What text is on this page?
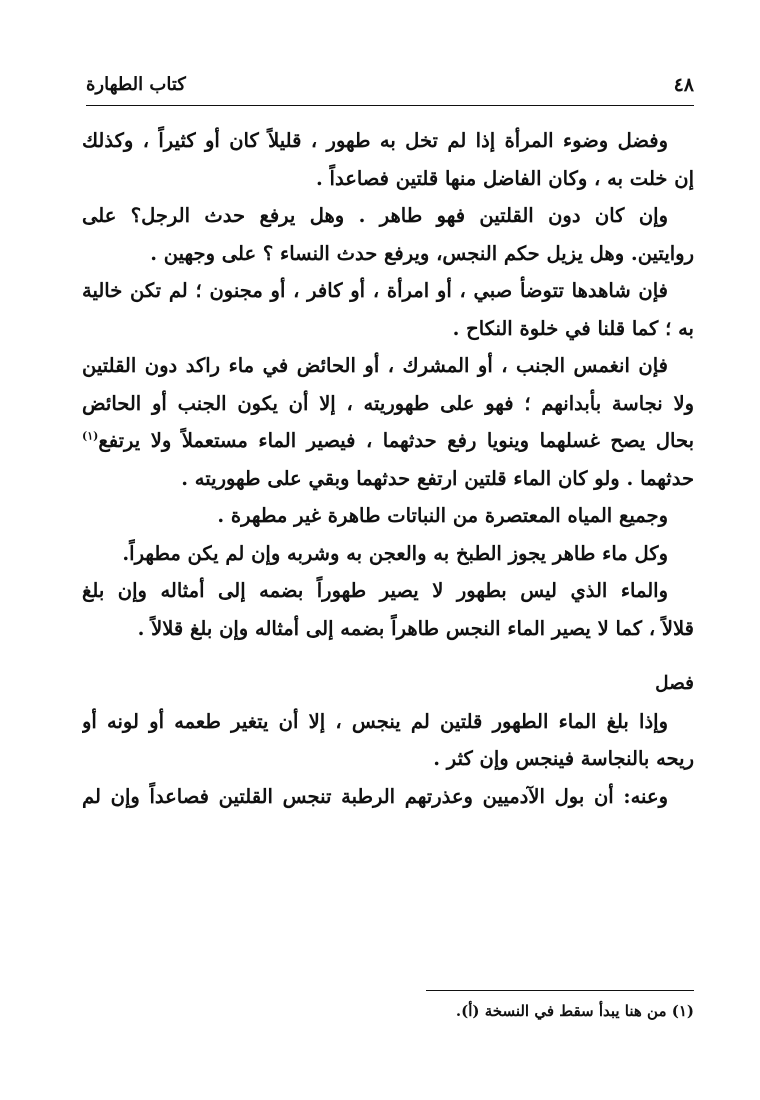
٤٨
كتاب الطهارة
وفضل وضوء المرأة إذا لم تخل به طهور ، قليلاً كان أو كثيراً ، وكذلك
إن خلت به ، وكان الفاضل منها قلتين فصاعداً .
وإن كان دون القلتين فهو طاهر . وهل يرفع حدث الرجل؟ على
روايتين. وهل يزيل حكم النجس، ويرفع حدث النساء ؟ على وجهين .
فإن شاهدها تتوضأ صبي ، أو امرأة ، أو كافر ، أو مجنون ؛ لم تكن خالية
به ؛ كما قلنا في خلوة النكاح .
فإن انغمس الجنب ، أو المشرك ، أو الحائض في ماء راكد دون القلتين
ولا نجاسة بأبدانهم ؛ فهو على طهوريته ، إلا أن يكون الجنب أو الحائض
بحال يصح غسلهما وينويا رفع حدثهما ، فيصير الماء مستعملاً ولا يرتفع$^{(١)}$
حدثهما . ولو كان الماء قلتين ارتفع حدثهما وبقي على طهوريته .
وجميع المياه المعتصرة من النباتات طاهرة غير مطهرة .
وكل ماء طاهر يجوز الطبخ به والعجن به وشربه وإن لم يكن مطهراً.
والماء الذي ليس بطهور لا يصير طهوراً بضمه إلى أمثاله وإن بلغ
قلالاً ، كما لا يصير الماء النجس طاهراً بضمه إلى أمثاله وإن بلغ قلالاً .
فصل
وإذا بلغ الماء الطهور قلتين لم ينجس ، إلا أن يتغير طعمه أو لونه أو
ريحه بالنجاسة فينجس وإن كثر .
وعنه: أن بول الآدميين وعذرتهم الرطبة تنجس القلتين فصاعداً وإن لم
(١) من هنا يبدأ سقط في النسخة (أ).
